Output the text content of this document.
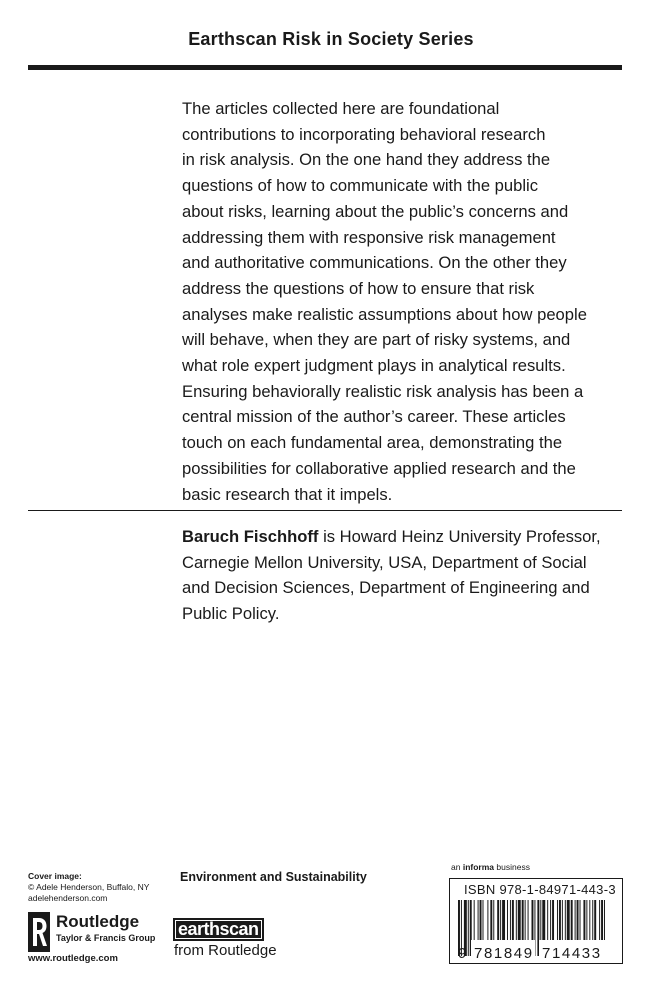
Earthscan Risk in Society Series
The articles collected here are foundational
contributions to incorporating behavioral research
in risk analysis. On the one hand they address the
questions of how to communicate with the public
about risks, learning about the public’s concerns and
addressing them with responsive risk management
and authoritative communications. On the other they
address the questions of how to ensure that risk
analyses make realistic assumptions about how people
will behave, when they are part of risky systems, and
what role expert judgment plays in analytical results.
Ensuring behaviorally realistic risk analysis has been a
central mission of the author’s career. These articles
touch on each fundamental area, demonstrating the
possibilities for collaborative applied research and the
basic research that it impels.
Baruch Fischhoff is Howard Heinz University Professor,
Carnegie Mellon University, USA, Department of Social
and Decision Sciences, Department of Engineering and
Public Policy.
Cover image:
© Adele Henderson, Buffalo, NY
adelehenderson.com
Routledge
Taylor & Francis Group
www.routledge.com
Environment and Sustainability
earthscan
from Routledge
an informa business
ISBN 978-1-84971-443-3
9 781849 714433
